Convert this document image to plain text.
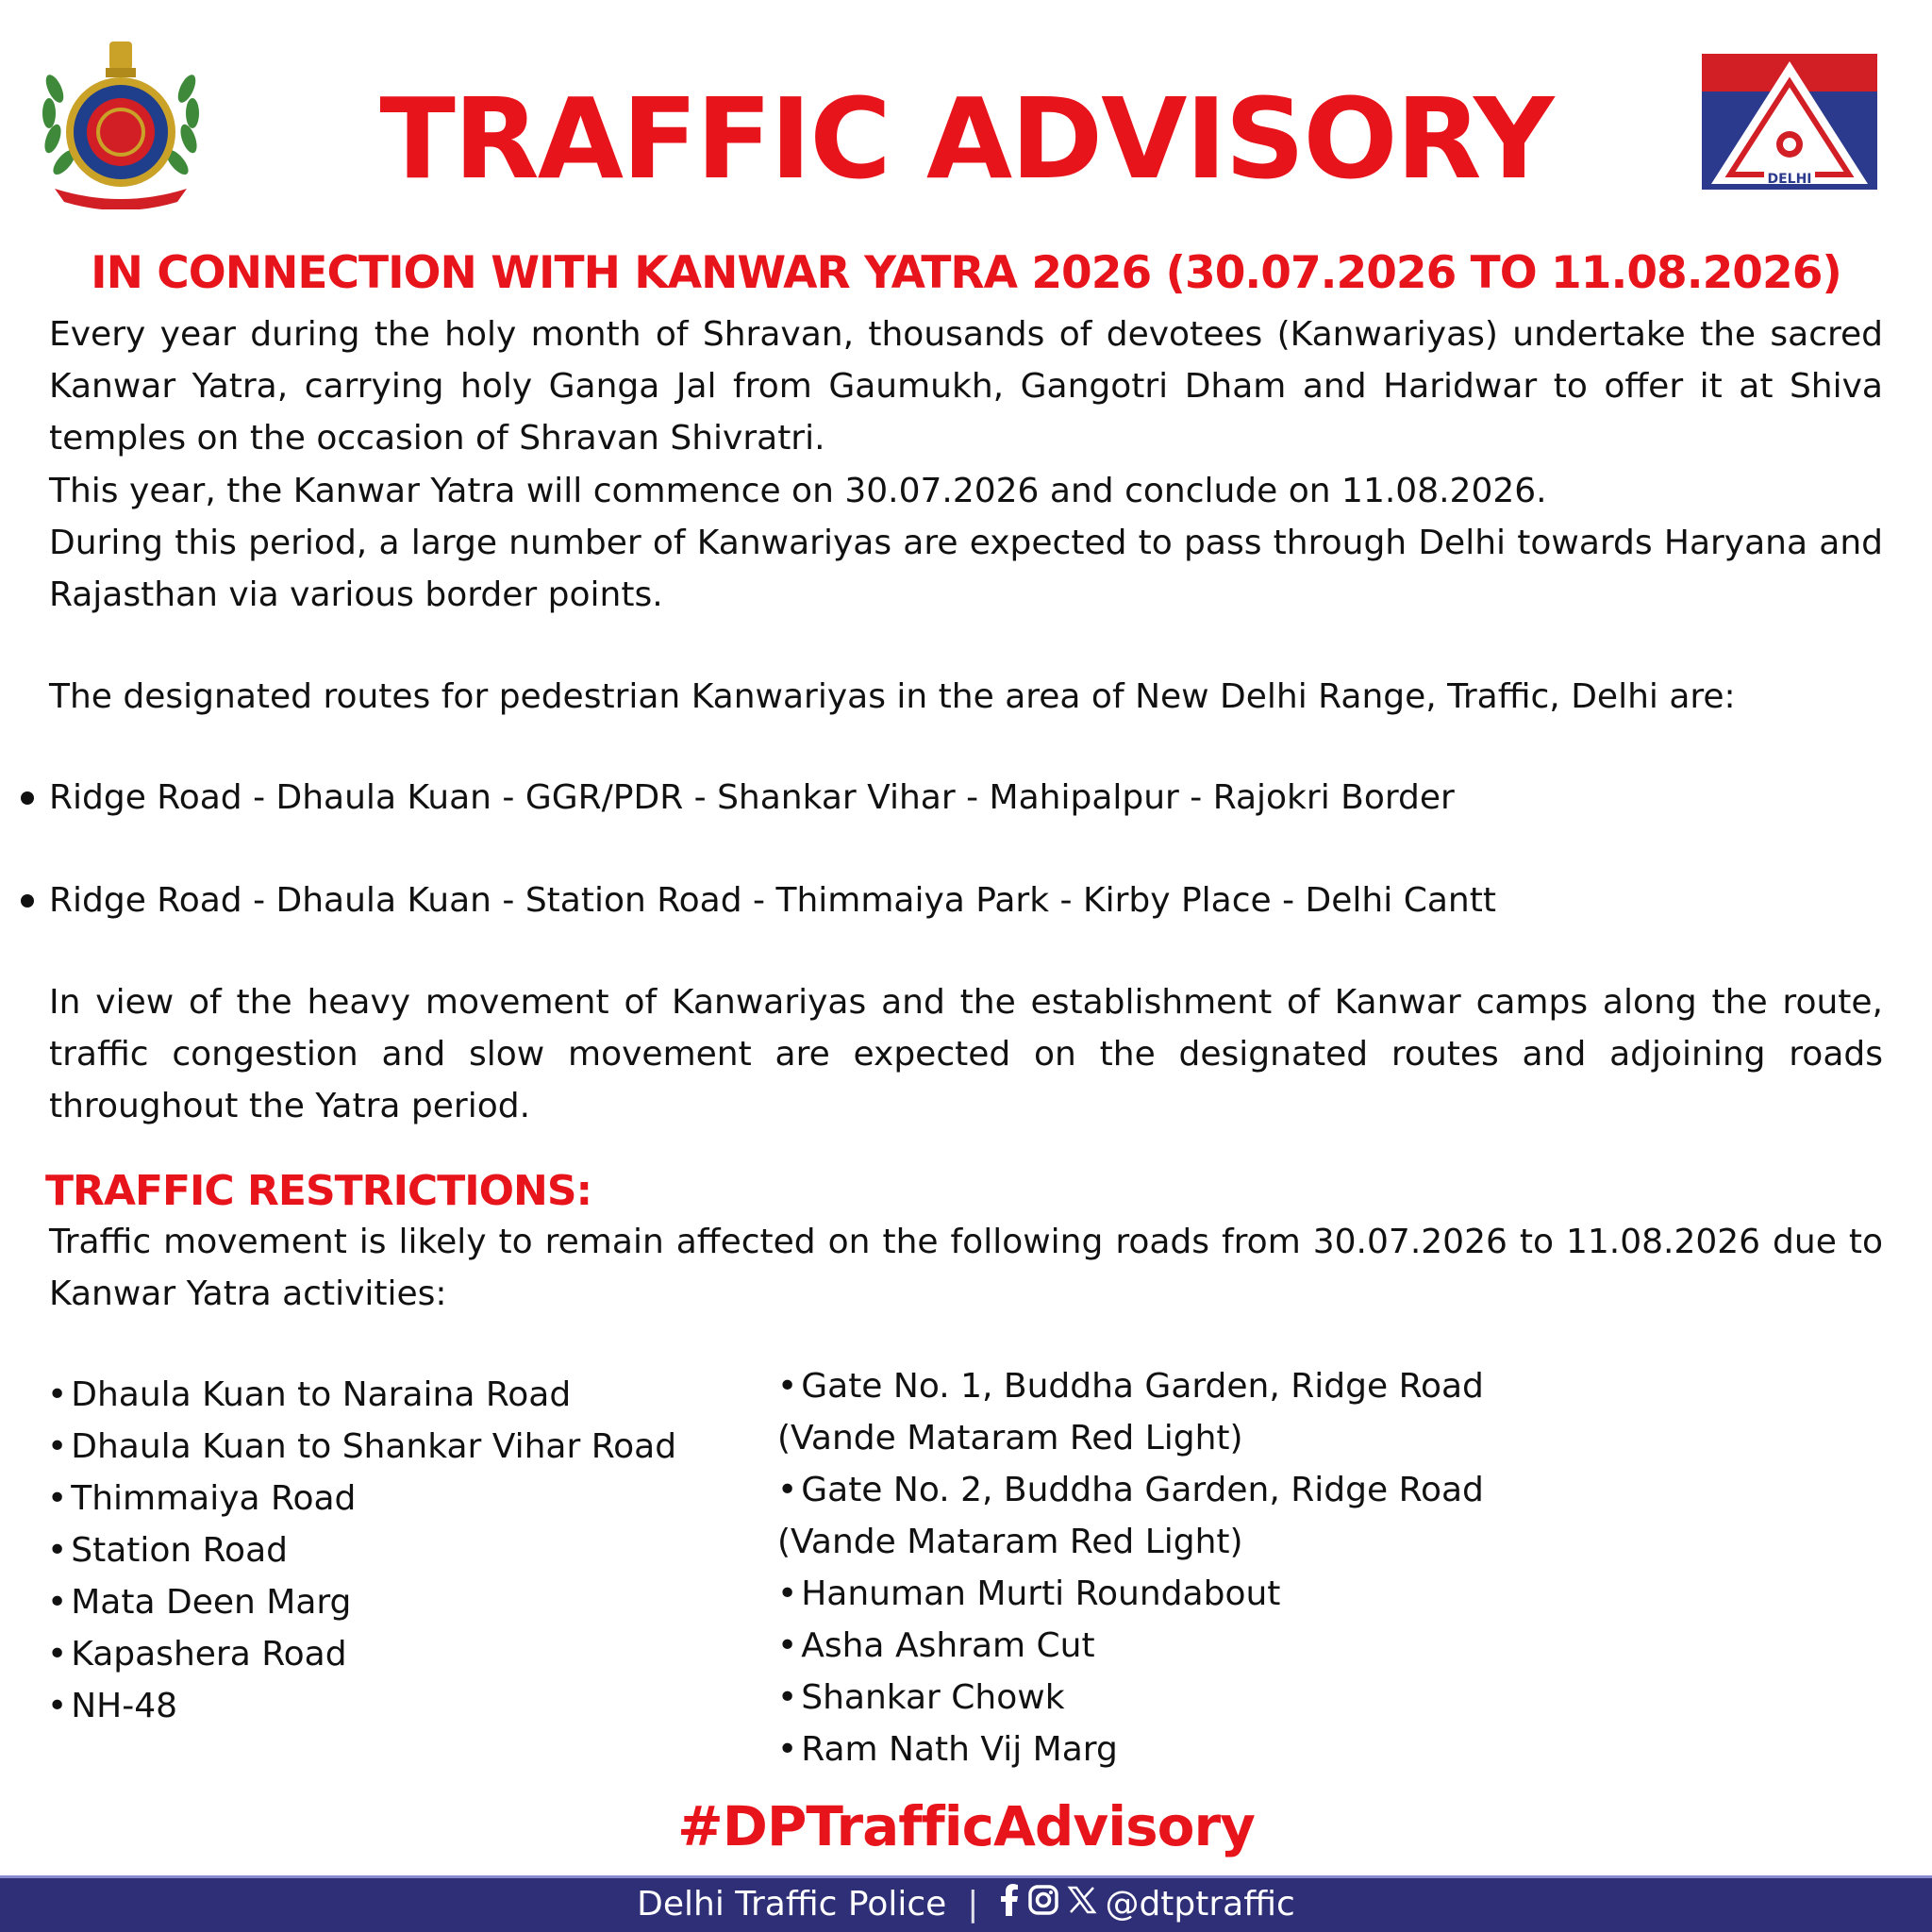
DELHI
TRAFFIC ADVISORY
IN CONNECTION WITH KANWAR YATRA 2026 (30.07.2026 TO 11.08.2026)
Every year during the holy month of Shravan, thousands of devotees (Kanwariyas) undertake the sacred Kanwar Yatra, carrying holy Ganga Jal from Gaumukh, Gangotri Dham and Haridwar to offer it at Shiva temples on the occasion of Shravan Shivratri.
This year, the Kanwar Yatra will commence on 30.07.2026 and conclude on 11.08.2026.
During this period, a large number of Kanwariyas are expected to pass through Delhi towards Haryana and Rajasthan via various border points.
The designated routes for pedestrian Kanwariyas in the area of New Delhi Range, Traffic, Delhi are:
Ridge Road - Dhaula Kuan - GGR/PDR - Shankar Vihar - Mahipalpur - Rajokri Border
Ridge Road - Dhaula Kuan - Station Road - Thimmaiya Park - Kirby Place - Delhi Cantt
In view of the heavy movement of Kanwariyas and the establishment of Kanwar camps along the route, traffic congestion and slow movement are expected on the designated routes and adjoining roads throughout the Yatra period.
TRAFFIC RESTRICTIONS:
Traffic movement is likely to remain affected on the following roads from 30.07.2026 to 11.08.2026 due to Kanwar Yatra activities:
• Dhaula Kuan to Naraina Road
• Dhaula Kuan to Shankar Vihar Road
• Thimmaiya Road
• Station Road
• Mata Deen Marg
• Kapashera Road
• NH-48
• Gate No. 1, Buddha Garden, Ridge Road
(Vande Mataram Red Light)
• Gate No. 2, Buddha Garden, Ridge Road
(Vande Mataram Red Light)
• Hanuman Murti Roundabout
• Asha Ashram Cut
• Shankar Chowk
• Ram Nath Vij Marg
#DPTrafficAdvisory
Delhi Traffic Police |	@dtptraffic
